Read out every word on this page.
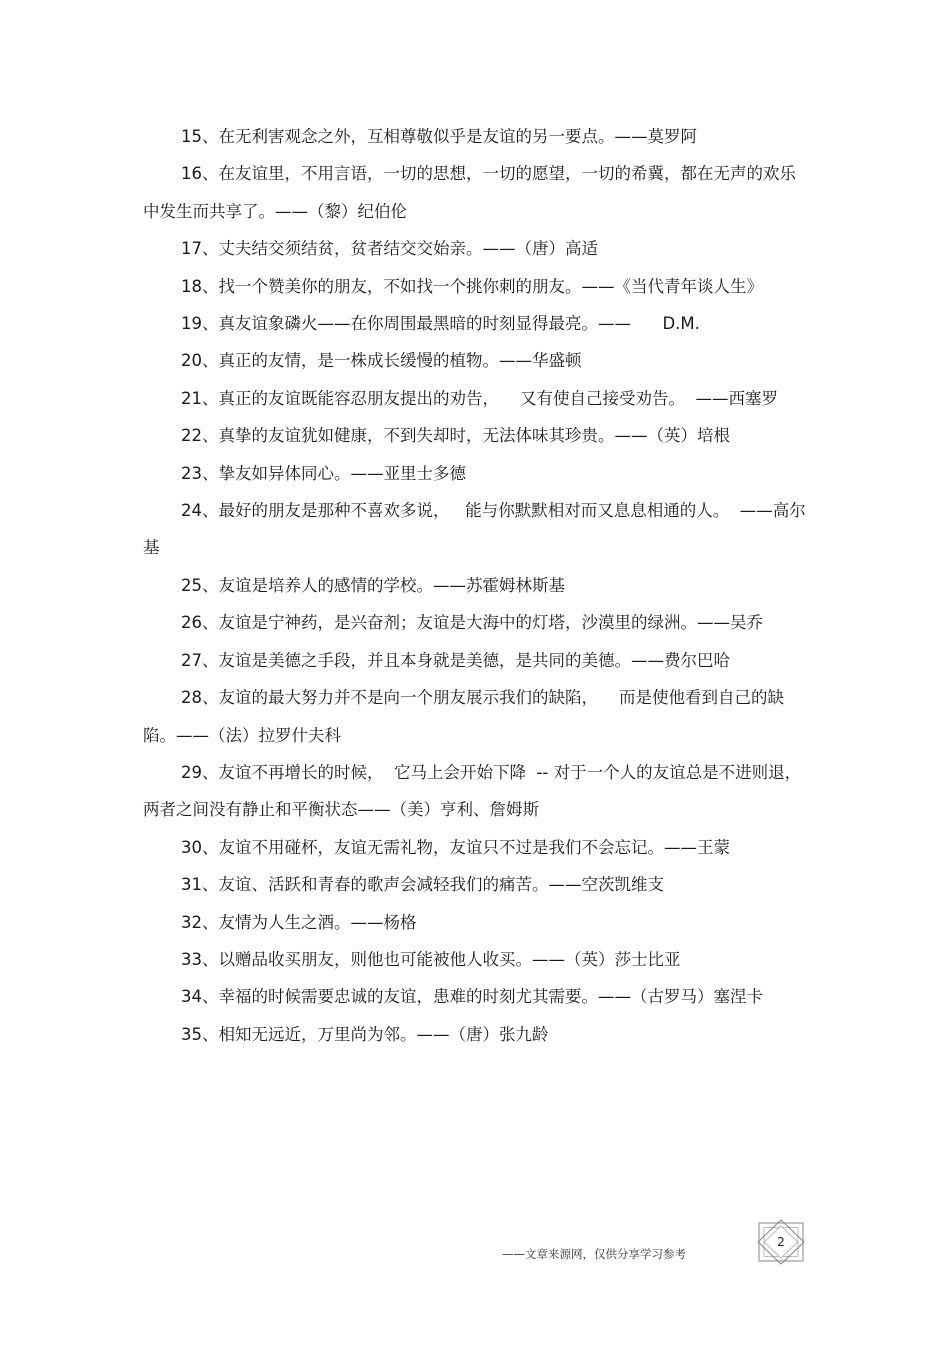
15、在无利害观念之外，互相尊敬似乎是友谊的另一要点。——莫罗阿
16、在友谊里，不用言语，一切的思想，一切的愿望，一切的希冀，都在无声的欢乐中发生而共享了。——（黎）纪伯伦
17、丈夫结交须结贫，贫者结交交始亲。——（唐）高适
18、找一个赞美你的朋友，不如找一个挑你刺的朋友。——《当代青年谈人生》
19、真友谊象磷火——在你周围最黑暗的时刻显得最亮。——      D.M.
20、真正的友情，是一株成长缓慢的植物。——华盛顿
21、真正的友谊既能容忍朋友提出的劝告，    又有使自己接受劝告。  ——西塞罗
22、真挚的友谊犹如健康，不到失却时，无法体味其珍贵。——（英）培根
23、挚友如异体同心。——亚里士多德
24、最好的朋友是那种不喜欢多说，   能与你默默相对而又息息相通的人。  ——高尔基
25、友谊是培养人的感情的学校。——苏霍姆林斯基
26、友谊是宁神药，是兴奋剂；友谊是大海中的灯塔，沙漠里的绿洲。——吴乔
27、友谊是美德之手段，并且本身就是美德，是共同的美德。——费尔巴哈
28、友谊的最大努力并不是向一个朋友展示我们的缺陷，    而是使他看到自己的缺陷。——（法）拉罗什夫科
29、友谊不再增长的时候，  它马上会开始下降  -- 对于一个人的友谊总是不进则退，两者之间没有静止和平衡状态——（美）亨利、詹姆斯
30、友谊不用碰杯，友谊无需礼物，友谊只不过是我们不会忘记。——王蒙
31、友谊、活跃和青春的歌声会减轻我们的痛苦。——空茨凯维支
32、友情为人生之酒。——杨格
33、以赠品收买朋友，则他也可能被他人收买。——（英）莎士比亚
34、幸福的时候需要忠诚的友谊，患难的时刻尤其需要。——（古罗马）塞涅卡
35、相知无远近，万里尚为邻。——（唐）张九龄
——文章来源网，仅供分享学习参考
2
